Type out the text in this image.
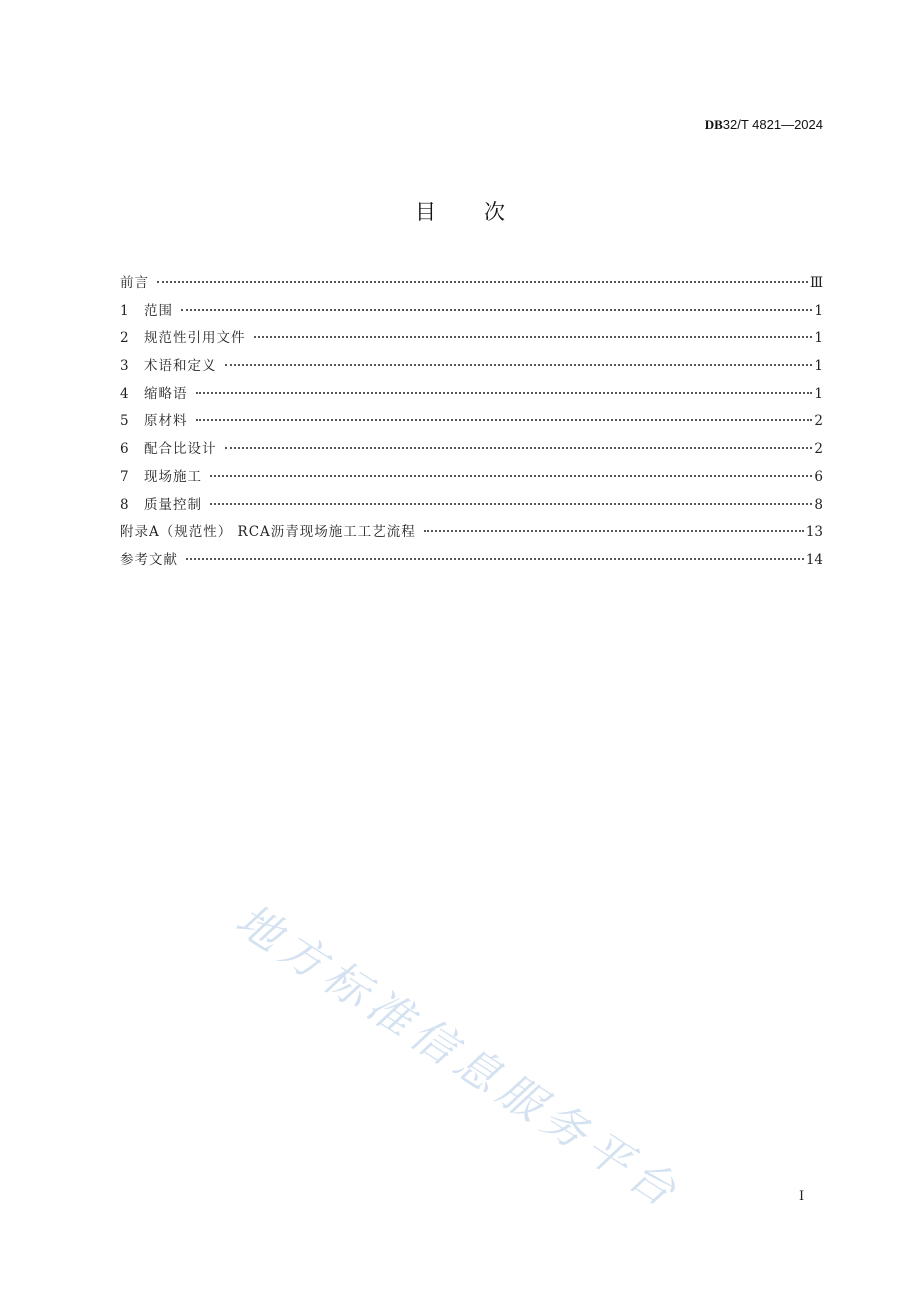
DB32/T 4821—2024
目次
前言	Ⅲ
1	范围	1
2	规范性引用文件	1
3	术语和定义	1
4	缩略语	1
5	原材料	2
6	配合比设计	2
7	现场施工	6
8	质量控制	8
附录A（规范性） RCA沥青现场施工工艺流程	13
参考文献	14
地方标准信息服务平台	I
